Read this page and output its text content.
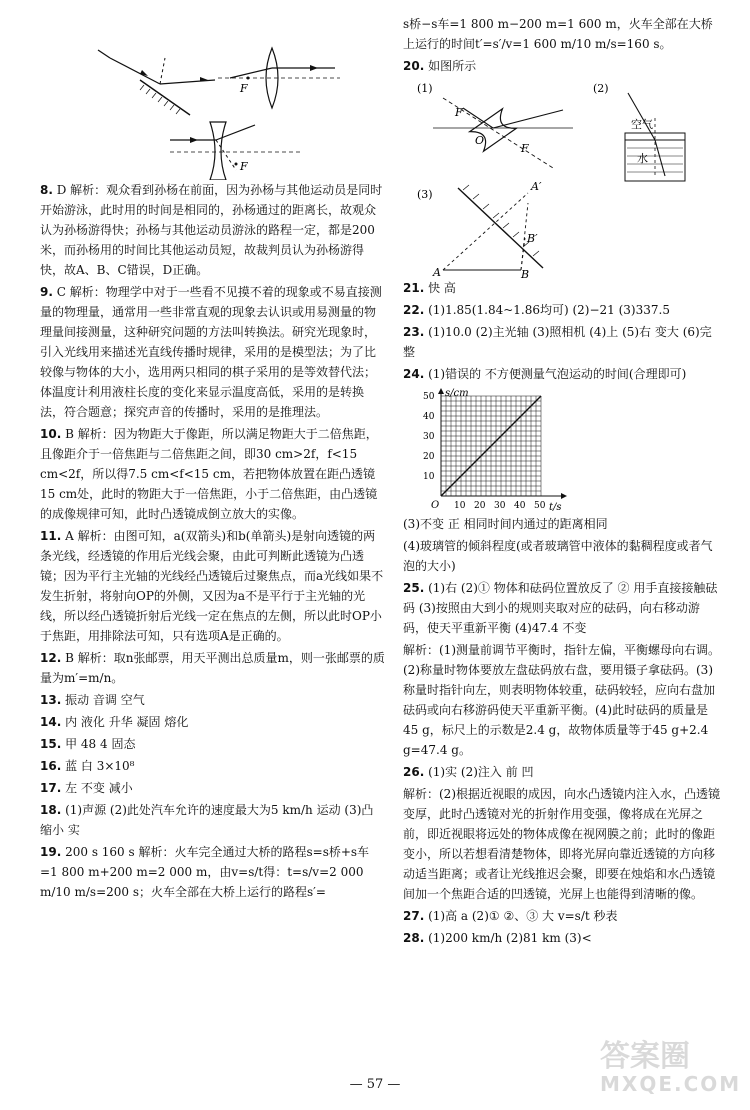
F
F
8. D 解析：观众看到孙杨在前面，因为孙杨与其他运动员是同时开始游泳，此时用的时间是相同的，孙杨通过的距离长，故观众认为孙杨游得快；孙杨与其他运动员游泳的路程一定，都是200米，而孙杨用的时间比其他运动员短，故裁判员认为孙杨游得快，故A、B、C错误，D正确。
9. C 解析：物理学中对于一些看不见摸不着的现象或不易直接测量的物理量，通常用一些非常直观的现象去认识或用易测量的物理量间接测量，这种研究问题的方法叫转换法。研究光现象时，引入光线用来描述光直线传播时规律，采用的是模型法；为了比较像与物体的大小，选用两只相同的棋子采用的是等效替代法；体温度计利用液柱长度的变化来显示温度高低，采用的是转换法，符合题意；探究声音的传播时，采用的是推理法。
10. B 解析：因为物距大于像距，所以满足物距大于二倍焦距，且像距介于一倍焦距与二倍焦距之间，即30 cm>2f，f<15 cm<2f，所以得7.5 cm<f<15 cm，若把物体放置在距凸透镜15 cm处，此时的物距大于一倍焦距，小于二倍焦距，由凸透镜的成像规律可知，此时凸透镜成倒立放大的实像。
11. A 解析：由图可知，a(双箭头)和b(单箭头)是射向透镜的两条光线，经透镜的作用后光线会聚，由此可判断此透镜为凸透镜；因为平行主光轴的光线经凸透镜后过聚焦点，而a光线如果不发生折射，将射向OP的外侧，又因为a不是平行于主光轴的光线，所以经凸透镜折射后光线一定在焦点的左侧，所以此时OP小于焦距，用排除法可知，只有选项A是正确的。
12. B 解析：取n张邮票，用天平测出总质量m，则一张邮票的质量为m′=m/n。
13. 振动 音调 空气
14. 内 液化 升华 凝固 熔化
15. 甲 48 4 固态
16. 蓝 白 3×10⁸
17. 左 不变 减小
18. (1)声源 (2)此处汽车允许的速度最大为5 km/h 运动 (3)凸 缩小 实
19. 200 s 160 s 解析：火车完全通过大桥的路程s=s桥+s车=1 800 m+200 m=2 000 m，由v=s/t得：t=s/v=2 000 m/10 m/s=200 s；火车全部在大桥上运行的路程s′=
s桥−s车=1 800 m−200 m=1 600 m，火车全部在大桥上运行的时间t′=s′/v=1 600 m/10 m/s=160 s。
20. 如图所示
(1)	(2)
F
F
O
空气
水
(3)
A	B
A′
B′
21. 快 高
22. (1)1.85(1.84~1.86均可) (2)−21 (3)337.5
23. (1)10.0 (2)主光轴 (3)照相机 (4)上 (5)右 变大 (6)完整
24. (1)错误的 不方便测量气泡运动的时间(合理即可)
s/cm
t/s
O
10
20
30
40
50
10 20 30 40 50
(3)不变 正 相同时间内通过的距离相同
(4)玻璃管的倾斜程度(或者玻璃管中液体的黏稠程度或者气泡的大小)
25. (1)右 (2)① 物体和砝码位置放反了 ② 用手直接接触砝码 (3)按照由大到小的规则夹取对应的砝码，向右移动游码，使天平重新平衡 (4)47.4 不变
解析：(1)测量前调节平衡时，指针左偏，平衡螺母向右调。(2)称量时物体要放左盘砝码放右盘，要用镊子拿砝码。(3)称量时指针向左，则表明物体较重，砝码较轻，应向右盘加砝码或向右移游码使天平重新平衡。(4)此时砝码的质量是45 g，标尺上的示数是2.4 g，故物体质量等于45 g+2.4 g=47.4 g。
26. (1)实 (2)注入 前 凹
解析：(2)根据近视眼的成因，向水凸透镜内注入水，凸透镜变厚，此时凸透镜对光的折射作用变强，像将成在光屏之前，即近视眼将远处的物体成像在视网膜之前；此时的像距变小，所以若想看清楚物体，即将光屏向靠近透镜的方向移动适当距离；或者让光线推迟会聚，即要在烛焰和水凸透镜间加一个焦距合适的凹透镜，光屏上也能得到清晰的像。
27. (1)高 a (2)① ②、③ 大 v=s/t 秒表
28. (1)200 km/h (2)81 km (3)<
— 57 —
答案圈
MXQE.COM
